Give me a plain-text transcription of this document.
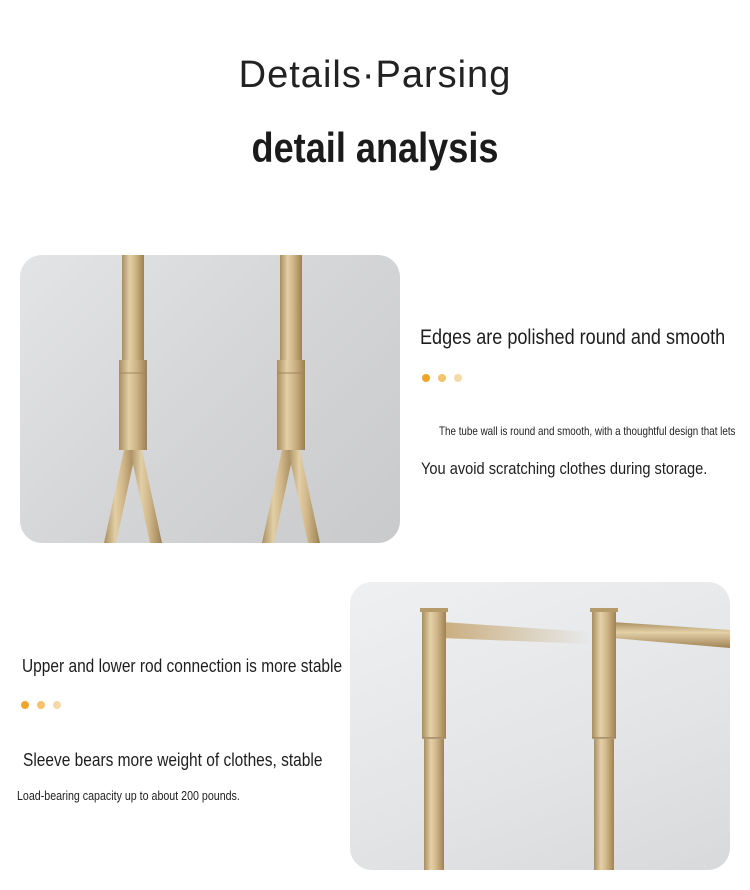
Details·Parsing
detail analysis
Edges are polished round and smooth
The tube wall is round and smooth, with a thoughtful design that lets
You avoid scratching clothes during storage.
Upper and lower rod connection is more stable
Sleeve bears more weight of clothes, stable
Load-bearing capacity up to about 200 pounds.
